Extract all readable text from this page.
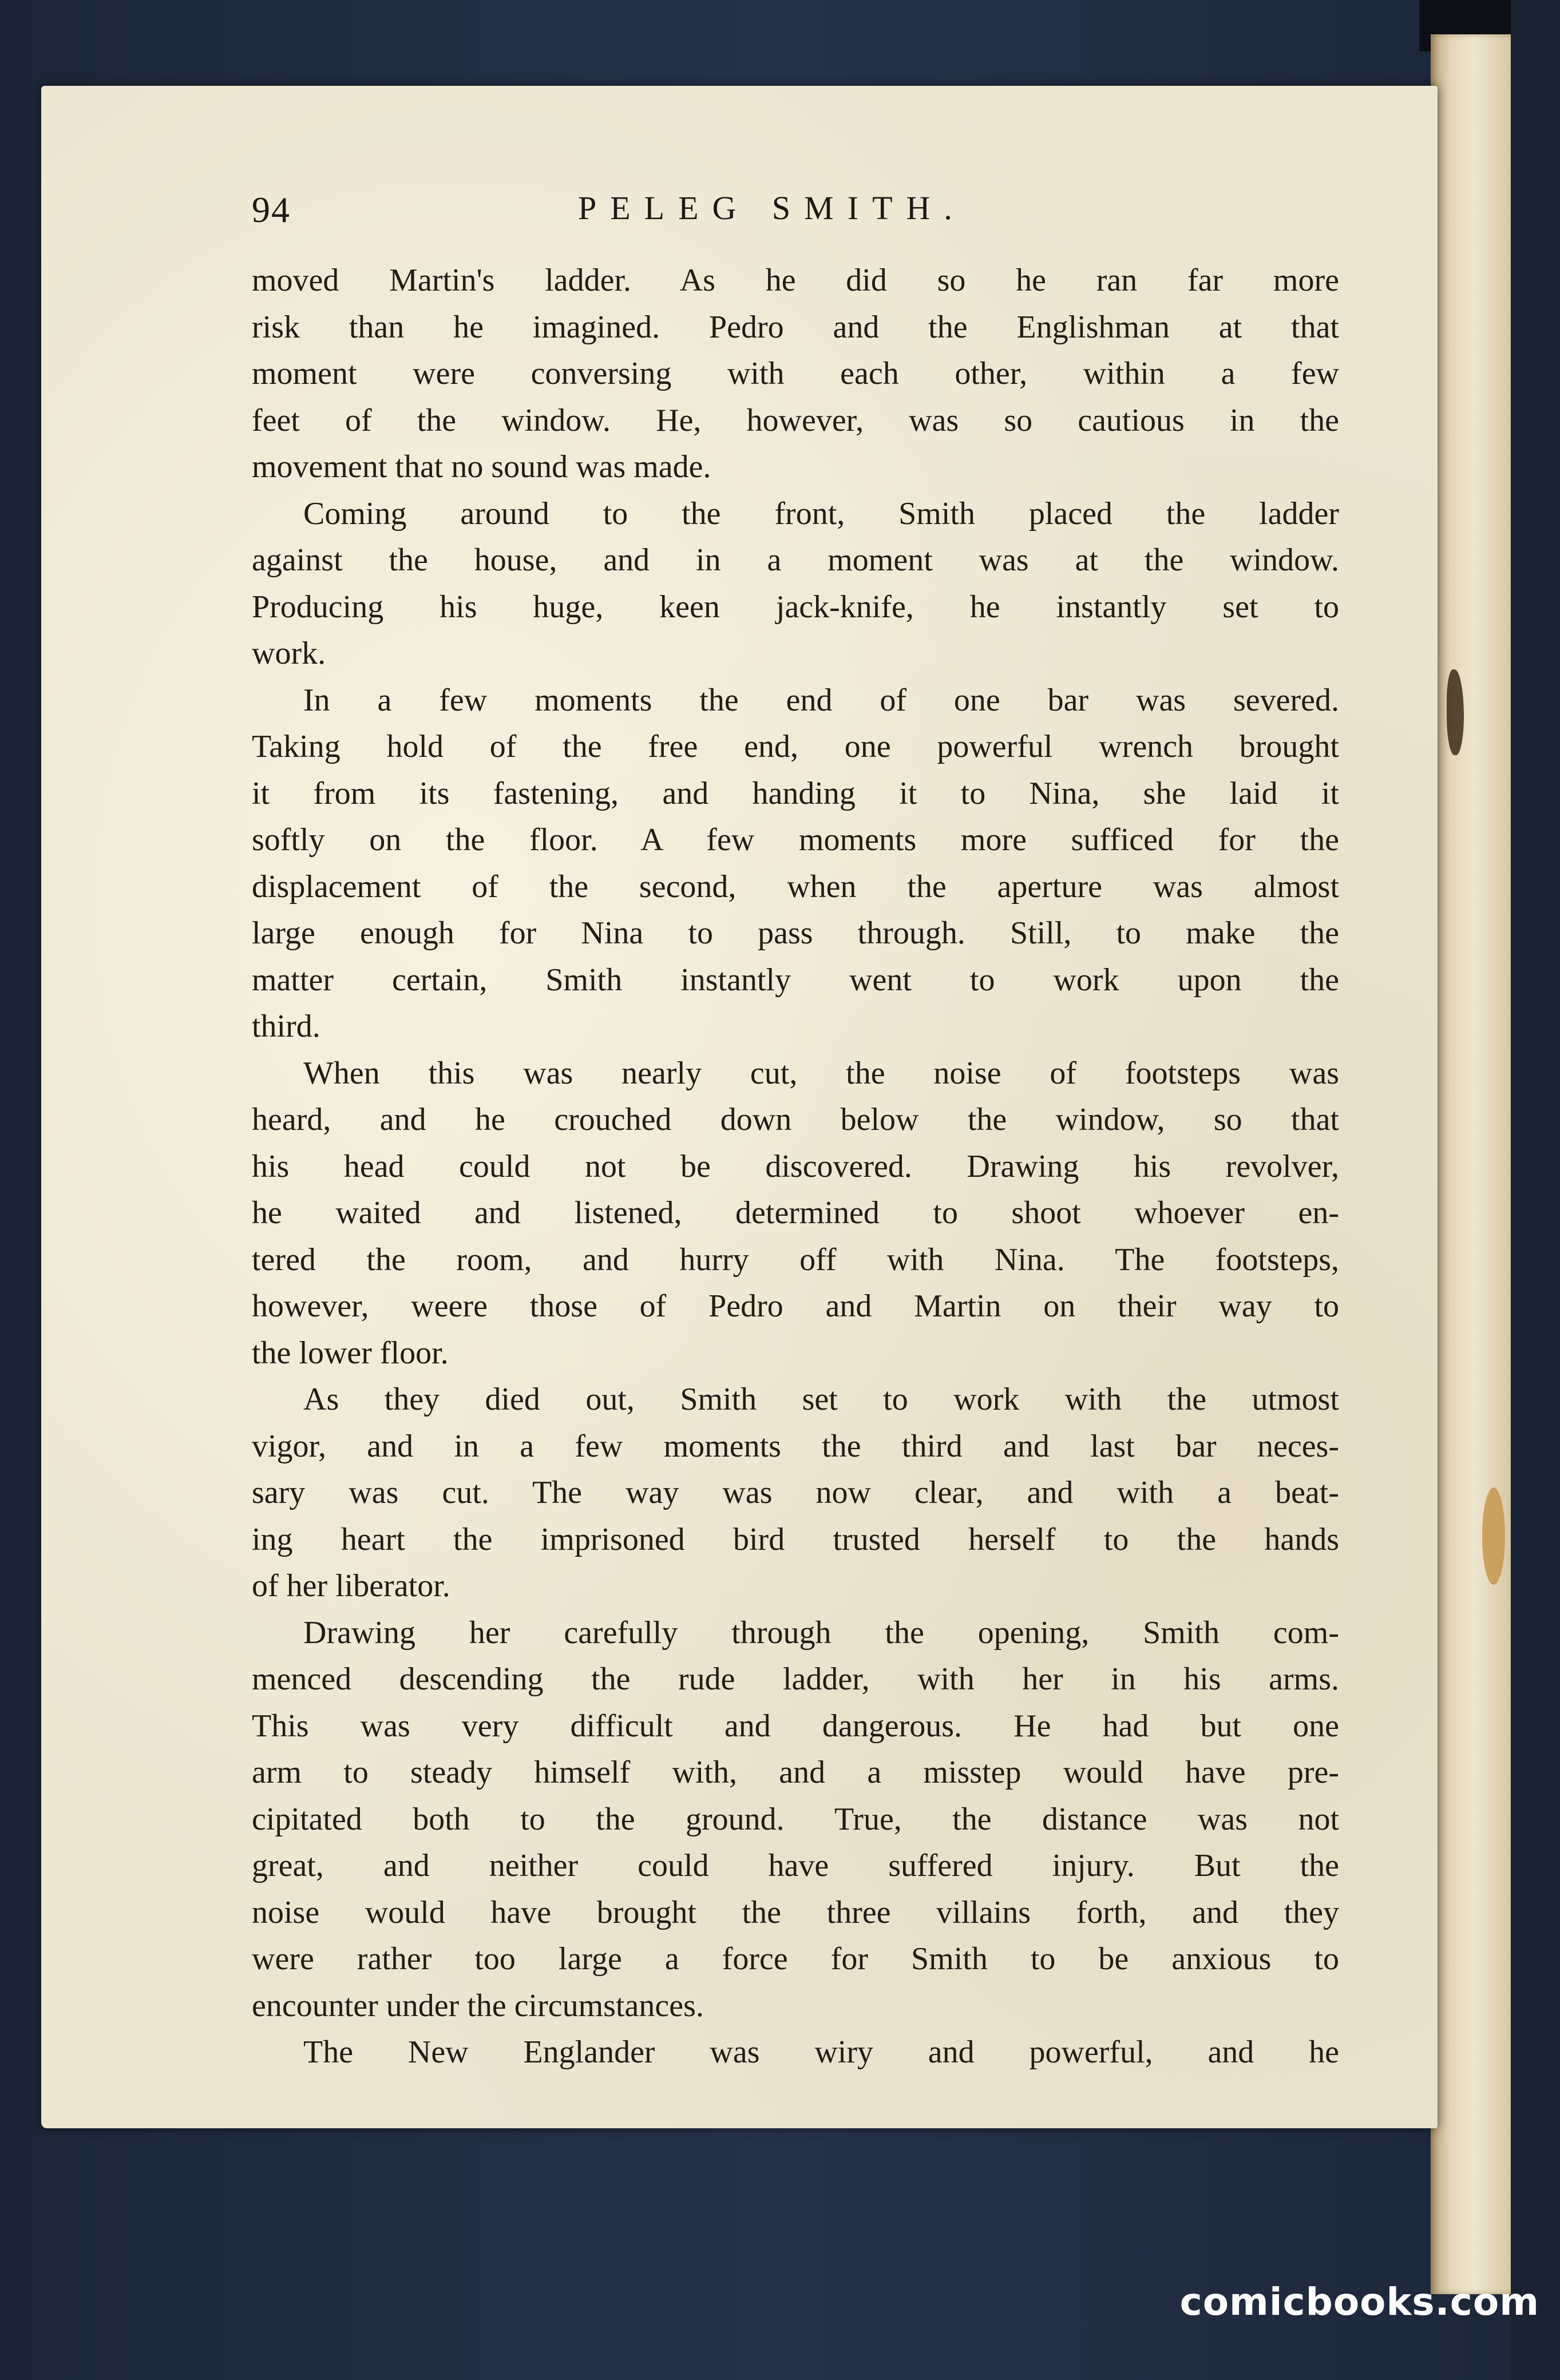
94	PELEG SMITH.
moved Martin's ladder. As he did so he ran far more
risk than he imagined. Pedro and the Englishman at that
moment were conversing with each other, within a few
feet of the window. He, however, was so cautious in the
movement that no sound was made.
Coming around to the front, Smith placed the ladder
against the house, and in a moment was at the window.
Producing his huge, keen jack-knife, he instantly set to
work.
In a few moments the end of one bar was severed.
Taking hold of the free end, one powerful wrench brought
it from its fastening, and handing it to Nina, she laid it
softly on the floor. A few moments more sufficed for the
displacement of the second, when the aperture was almost
large enough for Nina to pass through. Still, to make the
matter certain, Smith instantly went to work upon the
third.
When this was nearly cut, the noise of footsteps was
heard, and he crouched down below the window, so that
his head could not be discovered. Drawing his revolver,
he waited and listened, determined to shoot whoever en-
tered the room, and hurry off with Nina. The footsteps,
however, weere those of Pedro and Martin on their way to
the lower floor.
As they died out, Smith set to work with the utmost
vigor, and in a few moments the third and last bar neces-
sary was cut. The way was now clear, and with a beat-
ing heart the imprisoned bird trusted herself to the hands
of her liberator.
Drawing her carefully through the opening, Smith com-
menced descending the rude ladder, with her in his arms.
This was very difficult and dangerous. He had but one
arm to steady himself with, and a misstep would have pre-
cipitated both to the ground. True, the distance was not
great, and neither could have suffered injury. But the
noise would have brought the three villains forth, and they
were rather too large a force for Smith to be anxious to
encounter under the circumstances.
The New Englander was wiry and powerful, and he
comicbooks.com
